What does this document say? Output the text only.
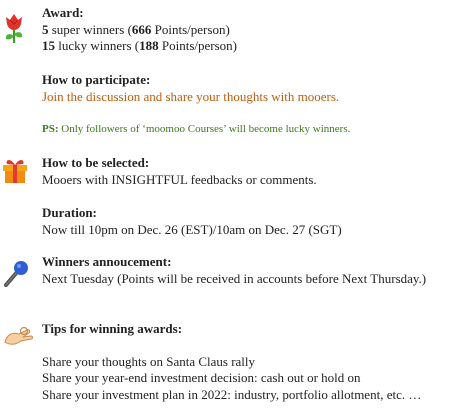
Award:
5 super winners (666 Points/person)
15 lucky winners (188 Points/person)
How to participate:
Join the discussion and share your thoughts with mooers.
PS: Only followers of ‘moomoo Courses’ will become lucky winners.
How to be selected:
Mooers with INSIGHTFUL feedbacks or comments.
Duration:
Now till 10pm on Dec. 26 (EST)/10am on Dec. 27 (SGT)
Winners annoucement:
Next Tuesday (Points will be received in accounts before Next Thursday.)
Tips for winning awards:
Share your thoughts on Santa Claus rally
Share your year-end investment decision: cash out or hold on
Share your investment plan in 2022: industry, portfolio allotment, etc. …
